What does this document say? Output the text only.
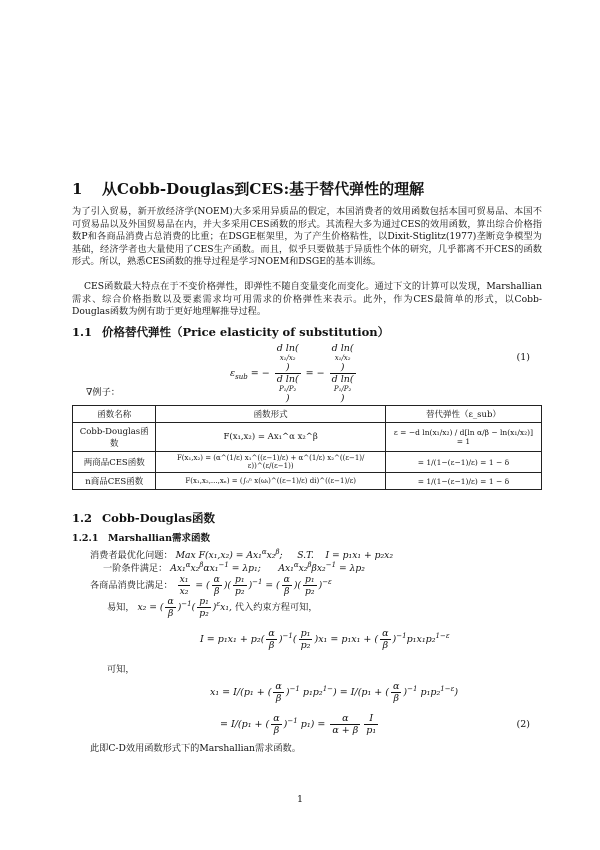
1 从Cobb-Douglas到CES:基于替代弹性的理解
为了引入贸易，新开放经济学(NOEM)大多采用异质品的假定，本国消费者的效用函数包括本国可贸易品、本国不可贸易品以及外国贸易品在内，并大多采用CES函数的形式。其流程大多为通过CES的效用函数，算出综合价格指数P和各商品消费占总消费的比重；在DSGE框架里，为了产生价格粘性，以Dixit-Stiglitz(1977)垄断竞争模型为基础，经济学者也大量使用了CES生产函数。而且，似乎只要做基于异质性个体的研究，几乎都离不开CES的函数形式。所以，熟悉CES函数的推导过程是学习NOEM和DSGE的基本训练。
CES函数最大特点在于不变价格弹性，即弹性不随自变量变化而变化。通过下文的计算可以发现，Marshallian需求、综合价格指数以及要素需求均可用需求的价格弹性来表示。此外，作为CES最简单的形式，以Cobb-Douglas函数为例有助于更好地理解推导过程。
1.1 价格替代弹性（Price elasticity of substitution）
$\varepsilon_{sub}$ = − d ln(
x₁/x₂
)
d ln(
P₁/P₂
) = − d ln(
x₁/x₂
)
d ln(
P₁/P₂
)	(1)
∇例子：
函数名称	函数形式	替代弹性（ε_sub）
Cobb-Douglas函数	F(x₁,x₂) = Ax₁^α x₂^β	ε = −d ln(x₁/x₂) / d[ln α/β − ln(x₁/x₂)] = 1
两商品CES函数	F(x₁,x₂) = (α^(1/ε) x₁^((ε−1)/ε) + α^(1/ε) x₂^((ε−1)/ε))^(ε/(ε−1))	= 1/(1−(ε−1)/ε) = 1 − δ
n商品CES函数	F(x₁,x₂,...,xₙ) = (∫₀ⁿ x(ωᵢ)^((ε−1)/ε) di)^((ε−1)/ε)	= 1/(1−(ε−1)/ε) = 1 − δ
1.2 Cobb-Douglas函数
1.2.1 Marshallian需求函数
消费者最优化问题： Max F(x₁,x₂) = Ax₁$^\alpha$x₂$^\beta$; S.T. I = p₁x₁ + p₂x₂
一阶条件满足： Ax₁$^\alpha$x₂$^\beta$αx₁$^{-1}$ = λp₁; Ax₁$^\alpha$x₂$^\beta$βx₂$^{-1}$ = λp₂
各商品消费比满足： $\frac{\text{x₁}}{\text{x₂}}$ = ( $\frac{\alpha}{\beta}$ )( $\frac{\text{p₁}}{\text{p₂}} )^{-1}$ = ( $\frac{\alpha}{\beta}$ )( $\frac{\text{p₁}}{\text{p₂}} )^{-\varepsilon}$
易知， x₂ = ( $\frac{\alpha}{\beta} )^{-1}( \frac{\text{p₁}}{\text{p₂}} )^\varepsilon x_1$, 代入约束方程可知，
$I = p_1x_1 + p_2( \frac{\alpha}{\beta} )^{-1}( \frac{\text{p₁}}{\text{p₂}} )x_1 = p_1x_1$ + ( $\frac{\alpha}{\beta} )^{-1}p_1x_1p_2^{1-\varepsilon}$
可知，
x₁ = I/(p₁ + ( $\frac{\alpha}{\beta} )^{-1}$ p₁p₂$^{1-}$) = I/(p₁ + ( $\frac{\alpha}{\beta} )^{-1}$ p₁p₂$^{1-\varepsilon}$)
= I/(p₁ + ( $\frac{\alpha}{\beta} )^{-1}$ $p_1) = \frac{\alpha}{\alpha + \beta} \frac{I}{\text{p₁}}$	(2)
此即C-D效用函数形式下的Marshallian需求函数。
1
